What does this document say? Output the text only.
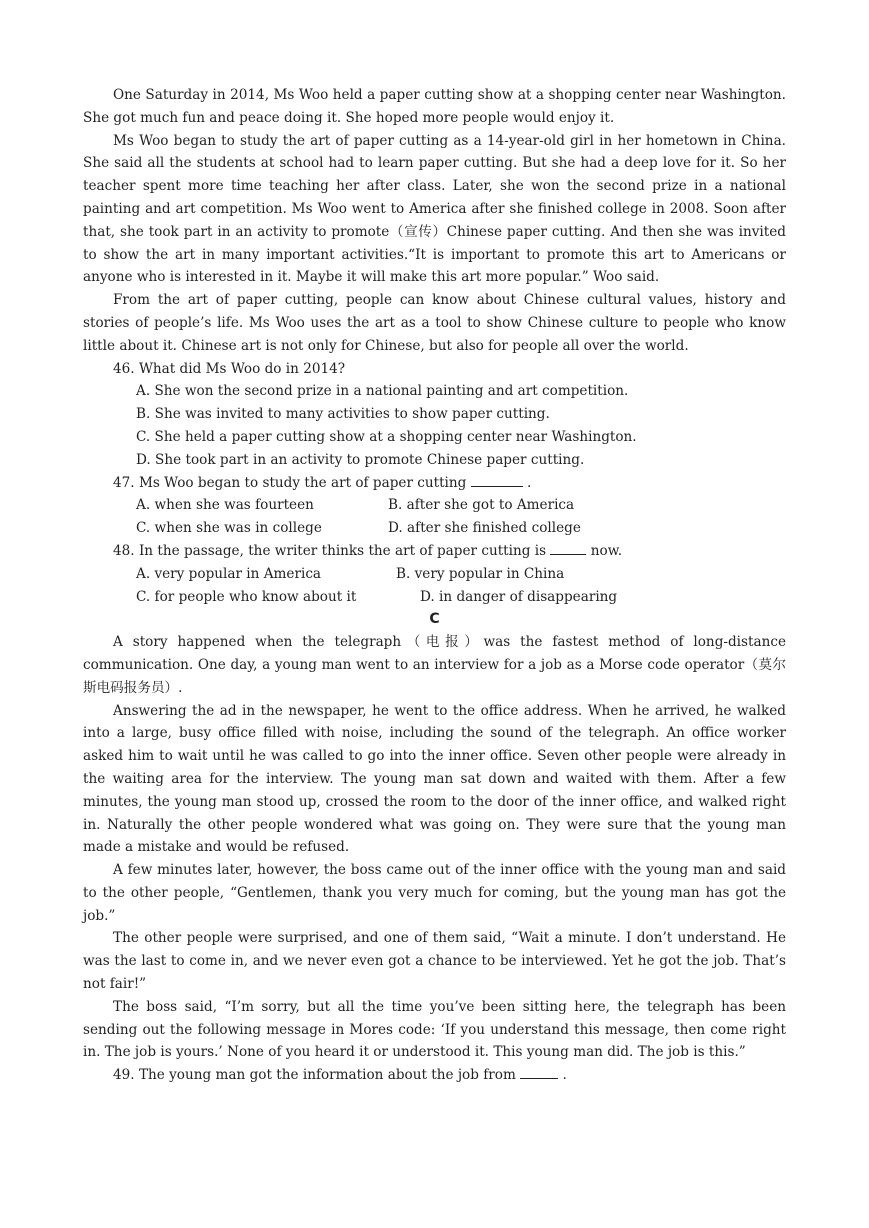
One Saturday in 2014, Ms Woo held a paper cutting show at a shopping center near Washington. She got much fun and peace doing it. She hoped more people would enjoy it.

Ms Woo began to study the art of paper cutting as a 14-year-old girl in her hometown in China. She said all the students at school had to learn paper cutting. But she had a deep love for it. So her teacher spent more time teaching her after class. Later, she won the second prize in a national painting and art competition. Ms Woo went to America after she finished college in 2008. Soon after that, she took part in an activity to promote（宣传）Chinese paper cutting. And then she was invited to show the art in many important activities.“It is important to promote this art to Americans or anyone who is interested in it. Maybe it will make this art more popular.” Woo said.

From the art of paper cutting, people can know about Chinese cultural values, history and stories of people’s life. Ms Woo uses the art as a tool to show Chinese culture to people who know little about it. Chinese art is not only for Chinese, but also for people all over the world.

46. What did Ms Woo do in 2014?

A. She won the second prize in a national painting and art competition.

B. She was invited to many activities to show paper cutting.

C. She held a paper cutting show at a shopping center near Washington.

D. She took part in an activity to promote Chinese paper cutting.

47. Ms Woo began to study the art of paper cutting	.

A. when she was fourteen	B. after she got to America
C. when she was in college	D. after she finished college

48. In the passage, the writer thinks the art of paper cutting is	now.

A. very popular in America	B. very popular in China
C. for people who know about it	D. in danger of disappearing

C

A story happened when the telegraph（电报）was the fastest method of long-distance communication. One day, a young man went to an interview for a job as a Morse code operator（莫尔斯电码报务员）.

Answering the ad in the newspaper, he went to the office address. When he arrived, he walked into a large, busy office filled with noise, including the sound of the telegraph. An office worker asked him to wait until he was called to go into the inner office. Seven other people were already in the waiting area for the interview. The young man sat down and waited with them. After a few minutes, the young man stood up, crossed the room to the door of the inner office, and walked right in. Naturally the other people wondered what was going on. They were sure that the young man made a mistake and would be refused.

A few minutes later, however, the boss came out of the inner office with the young man and said to the other people, “Gentlemen, thank you very much for coming, but the young man has got the job.”

The other people were surprised, and one of them said, “Wait a minute. I don’t understand. He was the last to come in, and we never even got a chance to be interviewed. Yet he got the job. That’s not fair!”

The boss said, “I’m sorry, but all the time you’ve been sitting here, the telegraph has been sending out the following message in Mores code: ‘If you understand this message, then come right in. The job is yours.’ None of you heard it or understood it. This young man did. The job is this.”

49. The young man got the information about the job from	.
